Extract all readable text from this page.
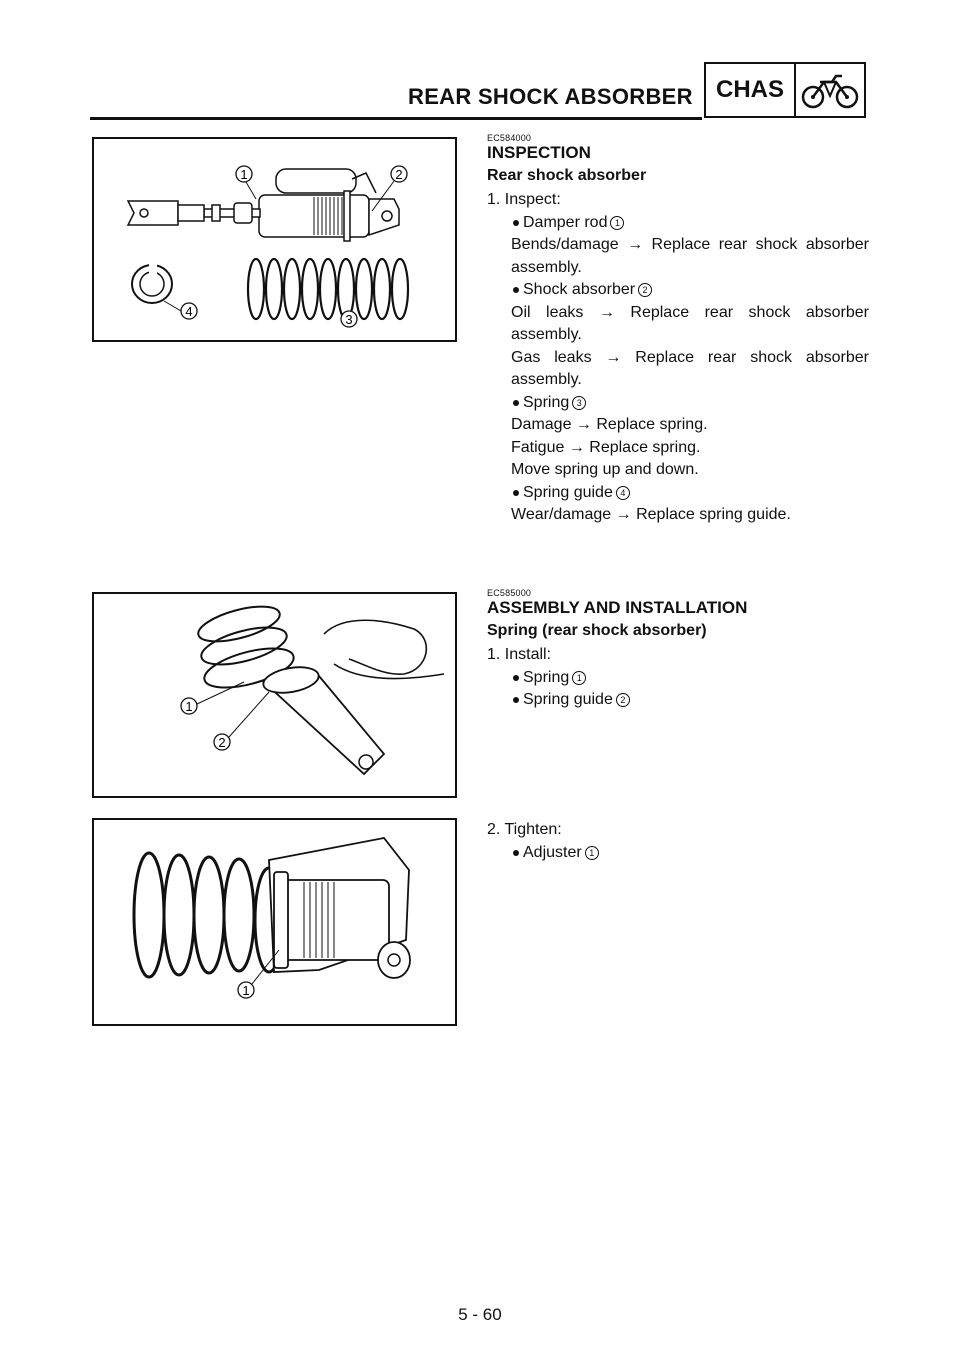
REAR SHOCK ABSORBER CHAS
1	2
3
4
1
2
1
EC584000
INSPECTION
Rear shock absorber
1. Inspect:
Damper rod 1
Bends/damage → Replace rear shock absorber assembly.
Shock absorber 2
Oil leaks → Replace rear shock absorber assembly.
Gas leaks → Replace rear shock absorber assembly.
Spring 3
Damage → Replace spring.
Fatigue → Replace spring.
Move spring up and down.
Spring guide 4
Wear/damage → Replace spring guide.
EC585000
ASSEMBLY AND INSTALLATION
Spring (rear shock absorber)
1. Install:
Spring 1
Spring guide 2
2. Tighten:
Adjuster 1
5 - 60
